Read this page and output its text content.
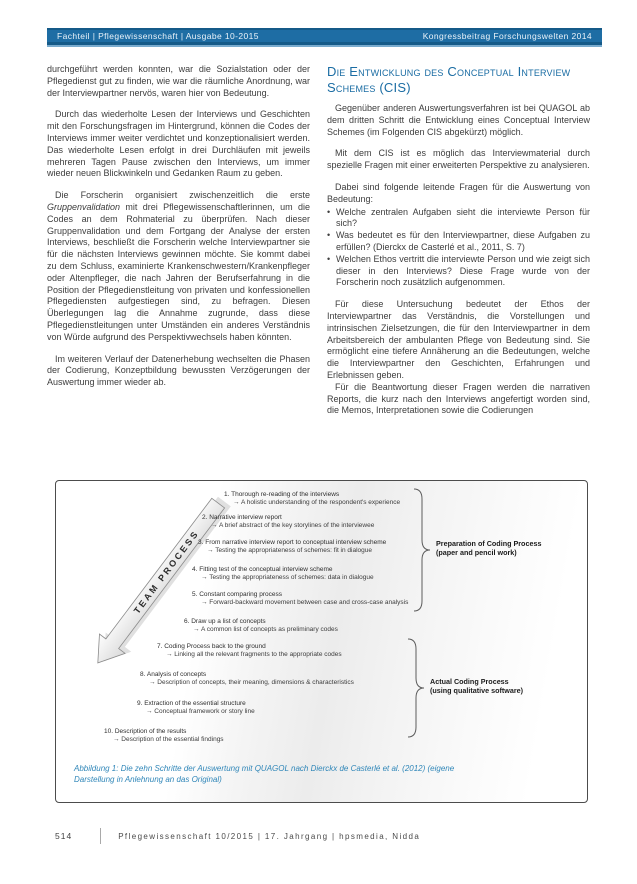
Fachteil | Pflegewissenschaft | Ausgabe 10-2015	Kongressbeitrag Forschungswelten 2014

durchgeführt werden konnten, war die Sozialstation oder der Pflegedienst gut zu finden, wie war die räumliche Anordnung, war der Interviewpartner nervös, waren hier von Bedeutung.

Durch das wiederholte Lesen der Interviews und Geschichten mit den Forschungsfragen im Hintergrund, können die Codes der Interviews immer weiter verdichtet und konzeptionalisiert werden. Das wiederholte Lesen erfolgt in drei Durchläufen mit jeweils mehreren Tagen Pause zwischen den Interviews, um immer wieder neuen Blickwinkeln und Gedanken Raum zu geben.

Die Forscherin organisiert zwischenzeitlich die erste Gruppenvalidation mit drei Pflegewissenschaftlerinnen, um die Codes an dem Rohmaterial zu überprüfen. Nach dieser Gruppenvalidation und dem Fortgang der Analyse der ersten Interviews, beschließt die Forscherin welche Interviewpartner sie für die nächsten Interviews gewinnen möchte. Sie kommt dabei zu dem Schluss, examinierte Krankenschwestern/Krankenpfleger oder Altenpfleger, die nach Jahren der Berufserfahrung in die Position der Pflegedienstleitung von privaten und konfessionellen Pflegediensten aufgestiegen sind, zu befragen. Diesen Überlegungen lag die Annahme zugrunde, dass diese Pflegedienstleitungen unter Umständen ein anderes Verständnis von Würde aufgrund des Perspektivwechsels haben könnten.

Im weiteren Verlauf der Datenerhebung wechselten die Phasen der Codierung, Konzeptbildung bewussten Verzögerungen der Auswertung immer wieder ab.

Die Entwicklung des Conceptual Interview Schemes (CIS)

Gegenüber anderen Auswertungsverfahren ist bei QUAGOL ab dem dritten Schritt die Entwicklung eines Conceptual Interview Schemes (im Folgenden CIS abgekürzt) möglich.

Mit dem CIS ist es möglich das Interviewmaterial durch spezielle Fragen mit einer erweiterten Perspektive zu analysieren.

Dabei sind folgende leitende Fragen für die Auswertung von Bedeutung:

• Welche zentralen Aufgaben sieht die interviewte Person für sich?
• Was bedeutet es für den Interviewpartner, diese Aufgaben zu erfüllen? (Dierckx de Casterlé et al., 2011, S. 7)
• Welchen Ethos vertritt die interviewte Person und wie zeigt sich dieser in den Interviews? Diese Frage wurde von der Forscherin noch zusätzlich aufgenommen.

Für diese Untersuchung bedeutet der Ethos der Interviewpartner das Verständnis, die Vorstellungen und intrinsischen Zielsetzungen, die für den Interviewpartner in dem Arbeitsbereich der ambulanten Pflege von Bedeutung sind. Sie ermöglicht eine tiefere Annäherung an die Bedeutungen, welche die Interviewpartner den Geschichten, Erfahrungen und Erlebnissen geben.

Für die Beantwortung dieser Fragen werden die narrativen Reports, die kurz nach den Interviews angefertigt worden sind, die Memos, Interpretationen sowie die Codierungen

TEAM PROCESS
1. Thorough re-reading of the interviews
→ A holistic understanding of the respondent's experience
2. Narrative interview report
→ A brief abstract of the key storylines of the interviewee
3. From narrative interview report to conceptual interview scheme
→ Testing the appropriateness of schemes: fit in dialogue
4. Fitting test of the conceptual interview scheme
→ Testing the appropriateness of schemes: data in dialogue
5. Constant comparing process
→ Forward-backward movement between case and cross-case analysis
6. Draw up a list of concepts
→ A common list of concepts as preliminary codes
7. Coding Process back to the ground
→ Linking all the relevant fragments to the appropriate codes
8. Analysis of concepts
→ Description of concepts, their meaning, dimensions & characteristics
9. Extraction of the essential structure
→ Conceptual framework or story line
10. Description of the results
→ Description of the essential findings
Preparation of Coding Process
(paper and pencil work)
Actual Coding Process
(using qualitative software)
Abbildung 1: Die zehn Schritte der Auswertung mit QUAGOL nach Dierckx de Casterlé et al. (2012) (eigene Darstellung in Anlehnung an das Original)
514	Pflegewissenschaft 10/2015 | 17. Jahrgang | hpsmedia, Nidda
